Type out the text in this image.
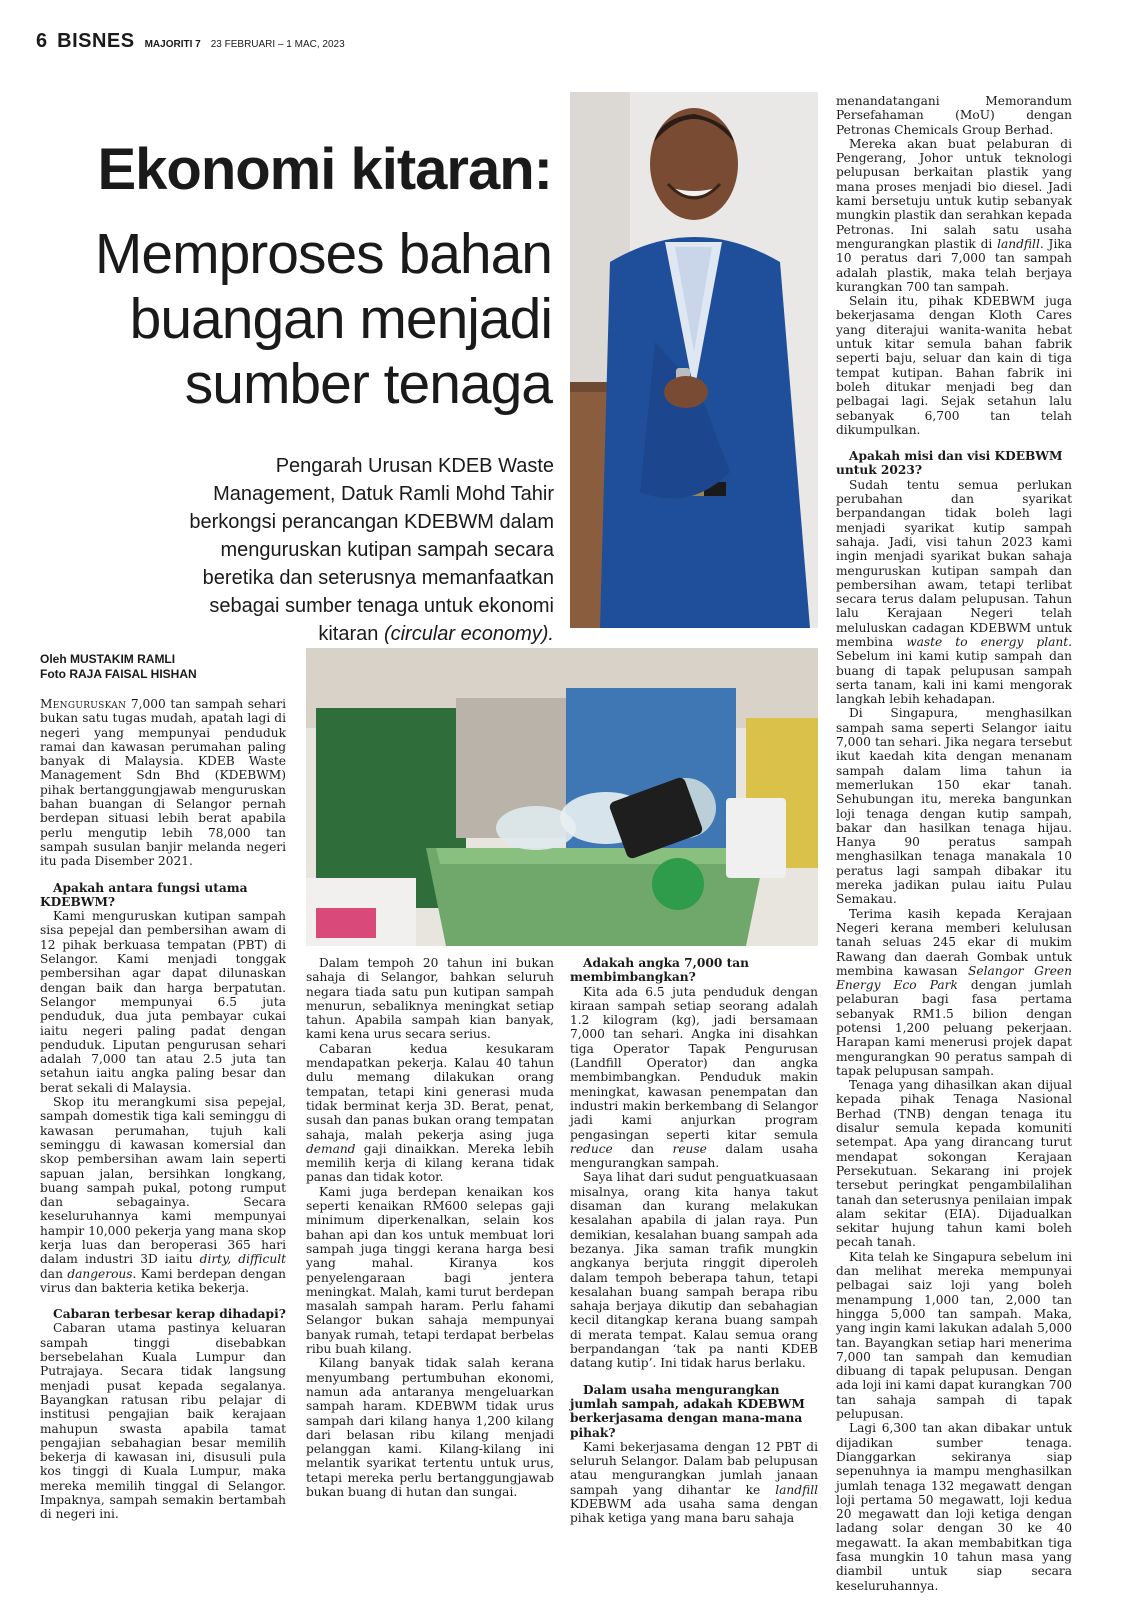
6 BISNES MAJORITI 7 23 FEBRUARI – 1 MAC, 2023
Ekonomi kitaran:
Memproses bahan buangan menjadi sumber tenaga
Pengarah Urusan KDEB Waste Management, Datuk Ramli Mohd Tahir berkongsi perancangan KDEBWM dalam menguruskan kutipan sampah secara beretika dan seterusnya memanfaatkan sebagai sumber tenaga untuk ekonomi kitaran (circular economy).
Oleh MUSTAKIM RAMLI
Foto RAJA FAISAL HISHAN

Menguruskan 7,000 tan sampah sehari bukan satu tugas mudah, apatah lagi di negeri yang mempunyai penduduk ramai dan kawasan perumahan paling banyak di Malaysia. KDEB Waste Management Sdn Bhd (KDEBWM) pihak bertanggungjawab menguruskan bahan buangan di Selangor pernah berdepan situasi lebih berat apabila perlu mengutip lebih 78,000 tan sampah susulan banjir melanda negeri itu pada Disember 2021.

Apakah antara fungsi utama KDEBWM?

Kami menguruskan kutipan sampah sisa pepejal dan pembersihan awam di 12 pihak berkuasa tempatan (PBT) di Selangor. Kami menjadi tonggak pembersihan agar dapat dilunaskan dengan baik dan harga berpatutan. Selangor mempunyai 6.5 juta penduduk, dua juta pembayar cukai iaitu negeri paling padat dengan penduduk. Liputan pengurusan sehari adalah 7,000 tan atau 2.5 juta tan setahun iaitu angka paling besar dan berat sekali di Malaysia.

Skop itu merangkumi sisa pepejal, sampah domestik tiga kali seminggu di kawasan perumahan, tujuh kali seminggu di kawasan komersial dan skop pembersihan awam lain seperti sapuan jalan, bersihkan longkang, buang sampah pukal, potong rumput dan sebagainya. Secara keseluruhannya kami mempunyai hampir 10,000 pekerja yang mana skop kerja luas dan beroperasi 365 hari dalam industri 3D iaitu dirty, difficult dan dangerous. Kami berdepan dengan virus dan bakteria ketika bekerja.

Cabaran terbesar kerap dihadapi?

Cabaran utama pastinya keluaran sampah tinggi disebabkan bersebelahan Kuala Lumpur dan Putrajaya. Secara tidak langsung menjadi pusat kepada segalanya. Bayangkan ratusan ribu pelajar di institusi pengajian baik kerajaan mahupun swasta apabila tamat pengajian sebahagian besar memilih bekerja di kawasan ini, disusuli pula kos tinggi di Kuala Lumpur, maka mereka memilih tinggal di Selangor. Impaknya, sampah semakin bertambah di negeri ini.

Dalam tempoh 20 tahun ini bukan sahaja di Selangor, bahkan seluruh negara tiada satu pun kutipan sampah menurun, sebaliknya meningkat setiap tahun. Apabila sampah kian banyak, kami kena urus secara serius.

Cabaran kedua kesukaram mendapatkan pekerja. Kalau 40 tahun dulu memang dilakukan orang tempatan, tetapi kini generasi muda tidak berminat kerja 3D. Berat, penat, susah dan panas bukan orang tempatan sahaja, malah pekerja asing juga demand gaji dinaikkan. Mereka lebih memilih kerja di kilang kerana tidak panas dan tidak kotor.

Kami juga berdepan kenaikan kos seperti kenaikan RM600 selepas gaji minimum diperkenalkan, selain kos bahan api dan kos untuk membuat lori sampah juga tinggi kerana harga besi yang mahal. Kiranya kos penyelengaraan bagi jentera meningkat. Malah, kami turut berdepan masalah sampah haram. Perlu fahami Selangor bukan sahaja mempunyai banyak rumah, tetapi terdapat berbelas ribu buah kilang.

Kilang banyak tidak salah kerana menyumbang pertumbuhan ekonomi, namun ada antaranya mengeluarkan sampah haram. KDEBWM tidak urus sampah dari kilang hanya 1,200 kilang dari belasan ribu kilang menjadi pelanggan kami. Kilang-kilang ini melantik syarikat tertentu untuk urus, tetapi mereka perlu bertanggungjawab bukan buang di hutan dan sungai.

Adakah angka 7,000 tan membimbangkan?

Kita ada 6.5 juta penduduk dengan kiraan sampah setiap seorang adalah 1.2 kilogram (kg), jadi bersamaan 7,000 tan sehari. Angka ini disahkan tiga Operator Tapak Pengurusan (Landfill Operator) dan angka membimbangkan. Penduduk makin meningkat, kawasan penempatan dan industri makin berkembang di Selangor jadi kami anjurkan program pengasingan seperti kitar semula reduce dan reuse dalam usaha mengurangkan sampah.

Saya lihat dari sudut penguatkuasaan misalnya, orang kita hanya takut disaman dan kurang melakukan kesalahan apabila di jalan raya. Pun demikian, kesalahan buang sampah ada bezanya. Jika saman trafik mungkin angkanya berjuta ringgit diperoleh dalam tempoh beberapa tahun, tetapi kesalahan buang sampah berapa ribu sahaja berjaya dikutip dan sebahagian kecil ditangkap kerana buang sampah di merata tempat. Kalau semua orang berpandangan ‘tak pa nanti KDEB datang kutip’. Ini tidak harus berlaku.

Dalam usaha mengurangkan jumlah sampah, adakah KDEBWM berkerjasama dengan mana-mana pihak?

Kami bekerjasama dengan 12 PBT di seluruh Selangor. Dalam bab pelupusan atau mengurangkan jumlah janaan sampah yang dihantar ke landfill KDEBWM ada usaha sama dengan pihak ketiga yang mana baru sahaja

menandatangani Memorandum Persefahaman (MoU) dengan Petronas Chemicals Group Berhad.

Mereka akan buat pelaburan di Pengerang, Johor untuk teknologi pelupusan berkaitan plastik yang mana proses menjadi bio diesel. Jadi kami bersetuju untuk kutip sebanyak mungkin plastik dan serahkan kepada Petronas. Ini salah satu usaha mengurangkan plastik di landfill. Jika 10 peratus dari 7,000 tan sampah adalah plastik, maka telah berjaya kurangkan 700 tan sampah.

Selain itu, pihak KDEBWM juga bekerjasama dengan Kloth Cares yang diterajui wanita-wanita hebat untuk kitar semula bahan fabrik seperti baju, seluar dan kain di tiga tempat kutipan. Bahan fabrik ini boleh ditukar menjadi beg dan pelbagai lagi. Sejak setahun lalu sebanyak 6,700 tan telah dikumpulkan.

Apakah misi dan visi KDEBWM untuk 2023?

Sudah tentu semua perlukan perubahan dan syarikat berpandangan tidak boleh lagi menjadi syarikat kutip sampah sahaja. Jadi, visi tahun 2023 kami ingin menjadi syarikat bukan sahaja menguruskan kutipan sampah dan pembersihan awam, tetapi terlibat secara terus dalam pelupusan. Tahun lalu Kerajaan Negeri telah meluluskan cadagan KDEBWM untuk membina waste to energy plant. Sebelum ini kami kutip sampah dan buang di tapak pelupusan sampah serta tanam, kali ini kami mengorak langkah lebih kehadapan.

Di Singapura, menghasilkan sampah sama seperti Selangor iaitu 7,000 tan sehari. Jika negara tersebut ikut kaedah kita dengan menanam sampah dalam lima tahun ia memerlukan 150 ekar tanah. Sehubungan itu, mereka bangunkan loji tenaga dengan kutip sampah, bakar dan hasilkan tenaga hijau. Hanya 90 peratus sampah menghasilkan tenaga manakala 10 peratus lagi sampah dibakar itu mereka jadikan pulau iaitu Pulau Semakau.

Terima kasih kepada Kerajaan Negeri kerana memberi kelulusan tanah seluas 245 ekar di mukim Rawang dan daerah Gombak untuk membina kawasan Selangor Green Energy Eco Park dengan jumlah pelaburan bagi fasa pertama sebanyak RM1.5 bilion dengan potensi 1,200 peluang pekerjaan. Harapan kami menerusi projek dapat mengurangkan 90 peratus sampah di tapak pelupusan sampah.

Tenaga yang dihasilkan akan dijual kepada pihak Tenaga Nasional Berhad (TNB) dengan tenaga itu disalur semula kepada komuniti setempat. Apa yang dirancang turut mendapat sokongan Kerajaan Persekutuan. Sekarang ini projek tersebut peringkat pengambilalihan tanah dan seterusnya penilaian impak alam sekitar (EIA). Dijadualkan sekitar hujung tahun kami boleh pecah tanah.

Kita telah ke Singapura sebelum ini dan melihat mereka mempunyai pelbagai saiz loji yang boleh menampung 1,000 tan, 2,000 tan hingga 5,000 tan sampah. Maka, yang ingin kami lakukan adalah 5,000 tan. Bayangkan setiap hari menerima 7,000 tan sampah dan kemudian dibuang di tapak pelupusan. Dengan ada loji ini kami dapat kurangkan 700 tan sahaja sampah di tapak pelupusan.

Lagi 6,300 tan akan dibakar untuk dijadikan sumber tenaga. Dianggarkan sekiranya siap sepenuhnya ia mampu menghasilkan jumlah tenaga 132 megawatt dengan loji pertama 50 megawatt, loji kedua 20 megawatt dan loji ketiga dengan ladang solar dengan 30 ke 40 megawatt. Ia akan membabitkan tiga fasa mungkin 10 tahun masa yang diambil untuk siap secara keseluruhannya.
